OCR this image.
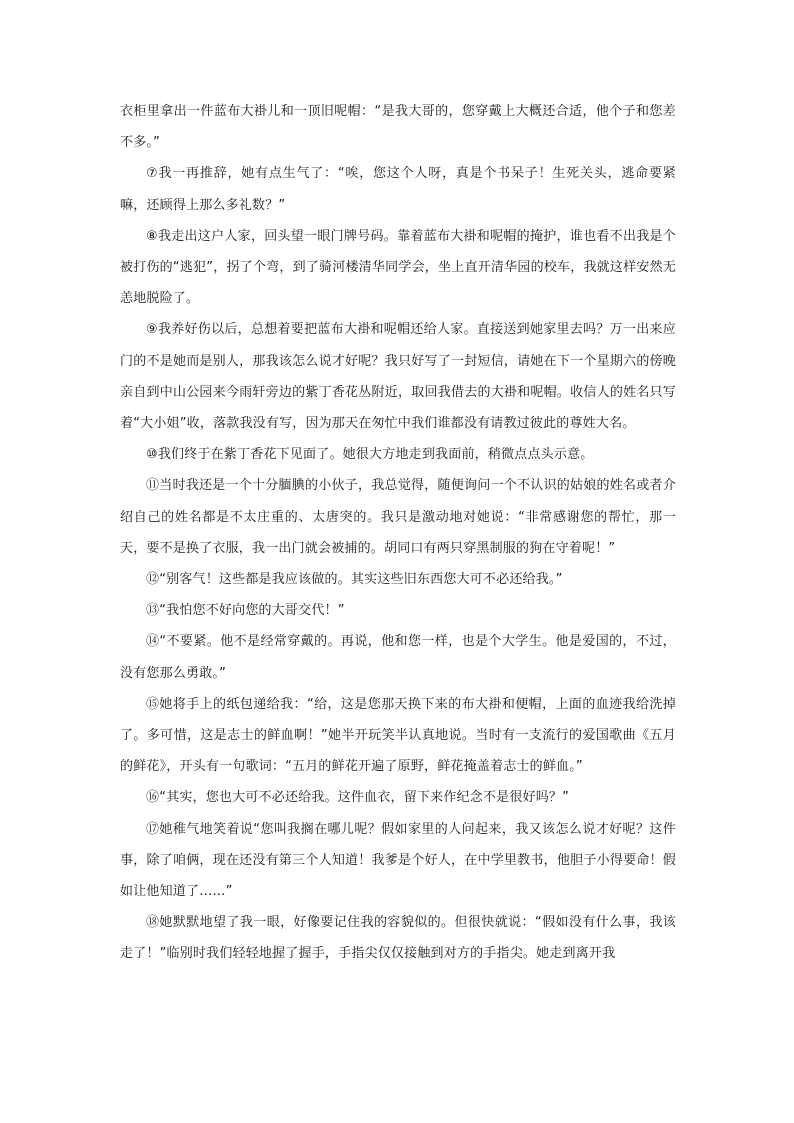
衣柜里拿出一件蓝布大褂儿和一顶旧呢帽：“是我大哥的，您穿戴上大概还合适，他个子和您差不多。”

⑦我一再推辞，她有点生气了：“唉，您这个人呀，真是个书呆子！生死关头，逃命要紧嘛，还顾得上那么多礼数？”

⑧我走出这户人家，回头望一眼门牌号码。靠着蓝布大褂和呢帽的掩护，谁也看不出我是个被打伤的“逃犯”，拐了个弯，到了骑河楼清华同学会，坐上直开清华园的校车，我就这样安然无恙地脱险了。

⑨我养好伤以后，总想着要把蓝布大褂和呢帽还给人家。直接送到她家里去吗？万一出来应门的不是她而是别人，那我该怎么说才好呢？我只好写了一封短信，请她在下一个星期六的傍晚亲自到中山公园来今雨轩旁边的紫丁香花丛附近，取回我借去的大褂和呢帽。收信人的姓名只写着“大小姐”收，落款我没有写，因为那天在匆忙中我们谁都没有请教过彼此的尊姓大名。

⑩我们终于在紫丁香花下见面了。她很大方地走到我面前，稍微点点头示意。

⑪当时我还是一个十分腼腆的小伙子，我总觉得，随便询问一个不认识的姑娘的姓名或者介绍自己的姓名都是不太庄重的、太唐突的。我只是激动地对她说：“非常感谢您的帮忙，那一天，要不是换了衣服，我一出门就会被捕的。胡同口有两只穿黑制服的狗在守着呢！”

⑫“别客气！这些都是我应该做的。其实这些旧东西您大可不必还给我。”

⑬“我怕您不好向您的大哥交代！”

⑭“不要紧。他不是经常穿戴的。再说，他和您一样，也是个大学生。他是爱国的，不过，没有您那么勇敢。”

⑮她将手上的纸包递给我：“给，这是您那天换下来的布大褂和便帽，上面的血迹我给洗掉了。多可惜，这是志士的鲜血啊！”她半开玩笑半认真地说。当时有一支流行的爱国歌曲《五月的鲜花》，开头有一句歌词：“五月的鲜花开遍了原野，鲜花掩盖着志士的鲜血。”

⑯“其实，您也大可不必还给我。这件血衣，留下来作纪念不是很好吗？”

⑰她稚气地笑着说“您叫我搁在哪儿呢？假如家里的人问起来，我又该怎么说才好呢？这件事，除了咱俩，现在还没有第三个人知道！我爹是个好人，在中学里教书，他胆子小得要命！假如让他知道了……”

⑱她默默地望了我一眼，好像要记住我的容貌似的。但很快就说：“假如没有什么事，我该走了！”临别时我们轻轻地握了握手，手指尖仅仅接触到对方的手指尖。她走到离开我
